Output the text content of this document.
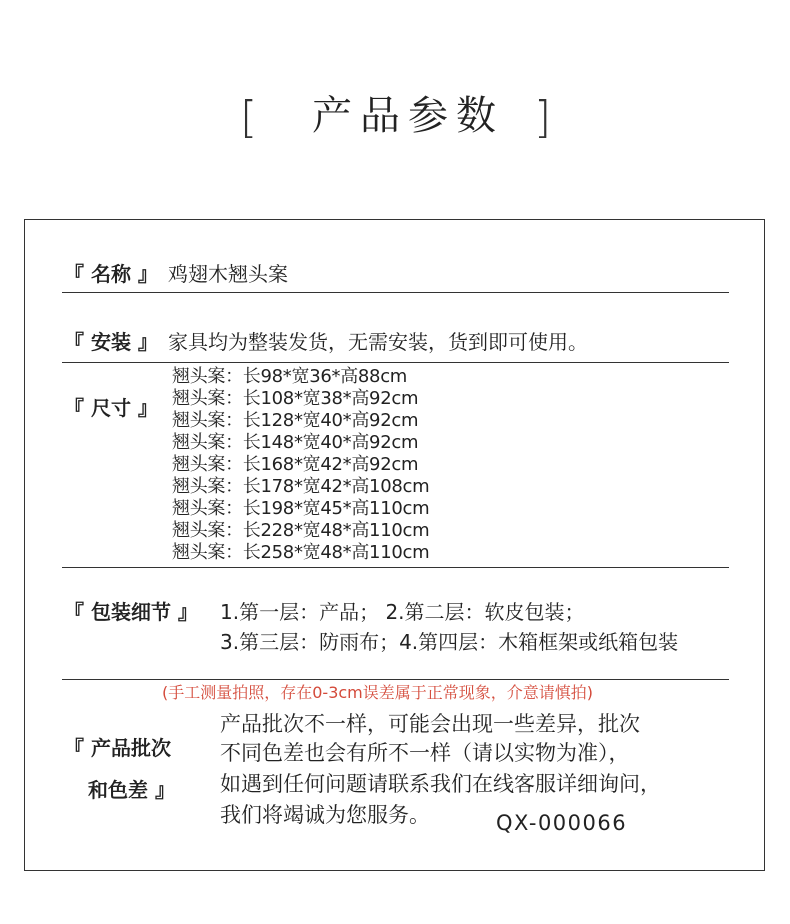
[ 产品参数 ]
『 名称 』 鸡翅木翘头案
『 安装 』 家具均为整装发货，无需安装，货到即可使用。
『 尺寸 』
翘头案：长98*宽36*高88cm
翘头案：长108*宽38*高92cm
翘头案：长128*宽40*高92cm
翘头案：长148*宽40*高92cm
翘头案：长168*宽42*高92cm
翘头案：长178*宽42*高108cm
翘头案：长198*宽45*高110cm
翘头案：长228*宽48*高110cm
翘头案：长258*宽48*高110cm
『 包装细节 』 1.第一层：产品； 2.第二层：软皮包装；
3.第三层：防雨布；4.第四层：木箱框架或纸箱包装
(手工测量拍照，存在0-3cm误差属于正常现象，介意请慎拍)
『 产品批次
和色差 』
产品批次不一样，可能会出现一些差异，批次
不同色差也会有所不一样（请以实物为准），
如遇到任何问题请联系我们在线客服详细询问，
我们将竭诚为您服务。	QX-000066
